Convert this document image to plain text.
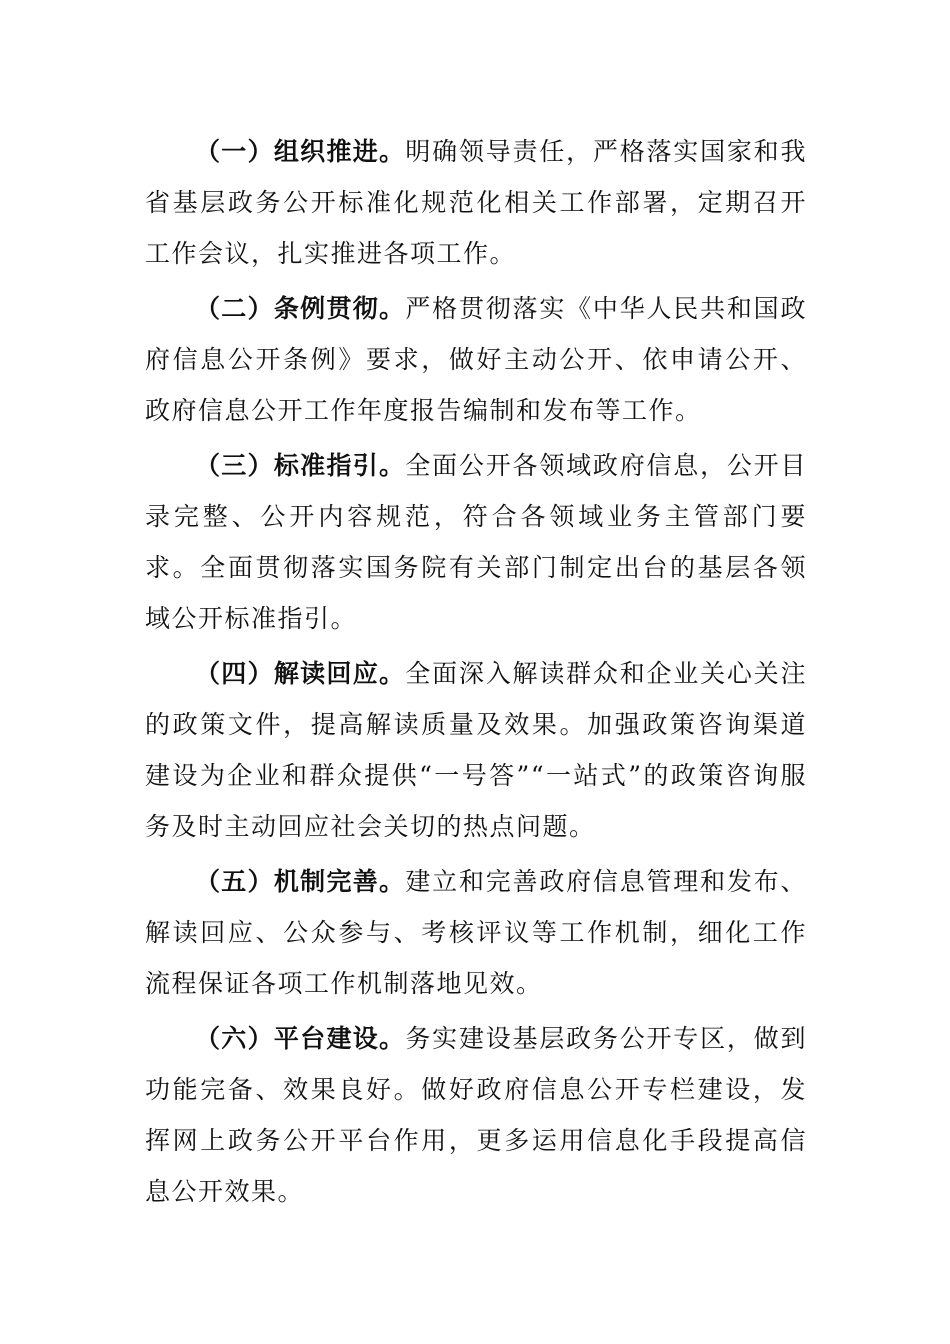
（一）组织推进。明确领导责任，严格落实国家和我省基层政务公开标准化规范化相关工作部署，定期召开工作会议，扎实推进各项工作。

（二）条例贯彻。严格贯彻落实《中华人民共和国政府信息公开条例》要求，做好主动公开、依申请公开、政府信息公开工作年度报告编制和发布等工作。

（三）标准指引。全面公开各领域政府信息，公开目录完整、公开内容规范，符合各领域业务主管部门要求。全面贯彻落实国务院有关部门制定出台的基层各领域公开标准指引。

（四）解读回应。全面深入解读群众和企业关心关注的政策文件，提高解读质量及效果。加强政策咨询渠道建设为企业和群众提供“一号答”“一站式”的政策咨询服务及时主动回应社会关切的热点问题。

（五）机制完善。建立和完善政府信息管理和发布、解读回应、公众参与、考核评议等工作机制，细化工作流程保证各项工作机制落地见效。

（六）平台建设。务实建设基层政务公开专区，做到功能完备、效果良好。做好政府信息公开专栏建设，发挥网上政务公开平台作用，更多运用信息化手段提高信息公开效果。
